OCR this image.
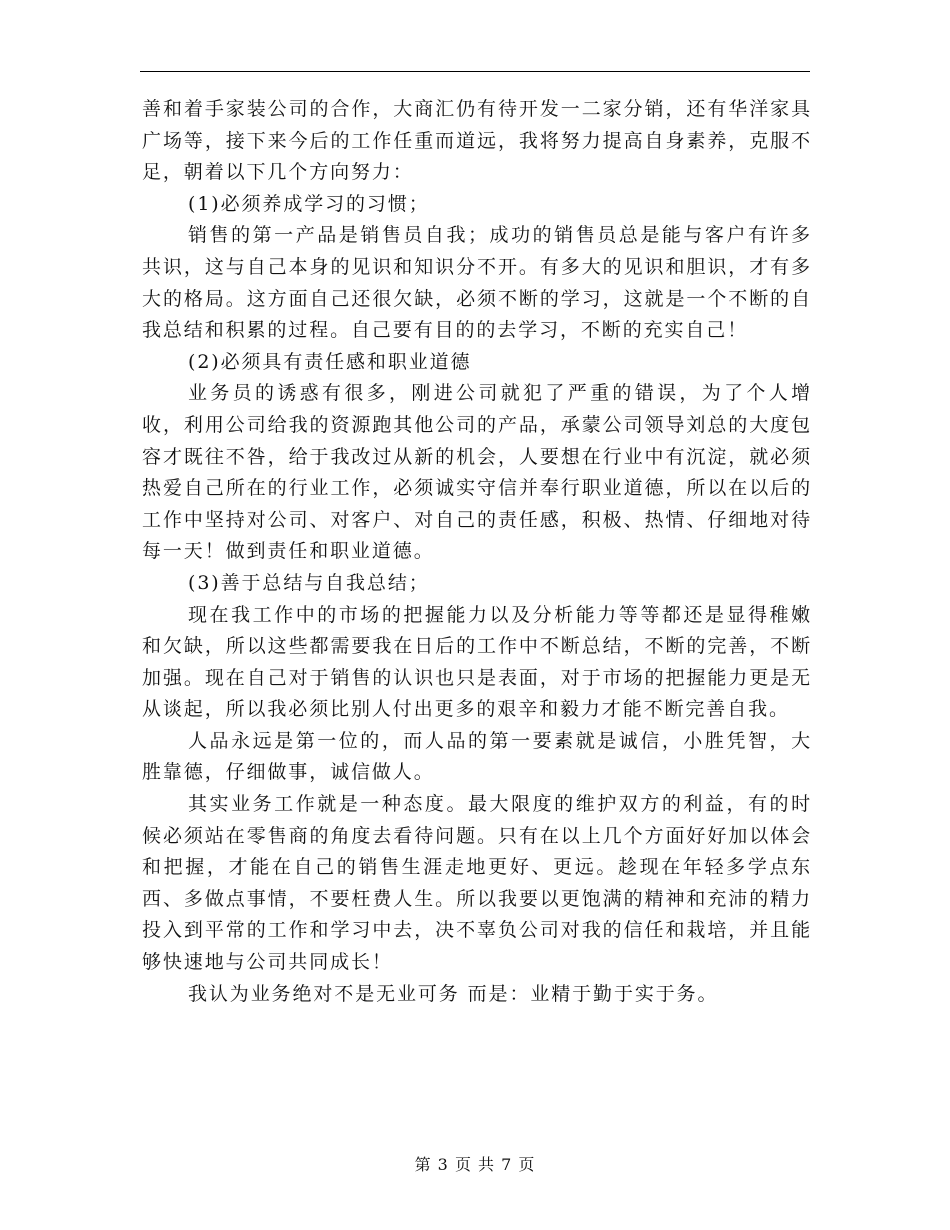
善和着手家装公司的合作，大商汇仍有待开发一二家分销，还有华洋家具广场等，接下来今后的工作任重而道远，我将努力提高自身素养，克服不足，朝着以下几个方向努力：

(1)必须养成学习的习惯；

销售的第一产品是销售员自我；成功的销售员总是能与客户有许多共识，这与自己本身的见识和知识分不开。有多大的见识和胆识，才有多大的格局。这方面自己还很欠缺，必须不断的学习，这就是一个不断的自我总结和积累的过程。自己要有目的的去学习，不断的充实自己！

(2)必须具有责任感和职业道德

业务员的诱惑有很多，刚进公司就犯了严重的错误，为了个人增收，利用公司给我的资源跑其他公司的产品，承蒙公司领导刘总的大度包容才既往不咎，给于我改过从新的机会，人要想在行业中有沉淀，就必须热爱自己所在的行业工作，必须诚实守信并奉行职业道德，所以在以后的工作中坚持对公司、对客户、对自己的责任感，积极、热情、仔细地对待每一天！做到责任和职业道德。

(3)善于总结与自我总结；

现在我工作中的市场的把握能力以及分析能力等等都还是显得稚嫩和欠缺，所以这些都需要我在日后的工作中不断总结，不断的完善，不断加强。现在自己对于销售的认识也只是表面，对于市场的把握能力更是无从谈起，所以我必须比别人付出更多的艰辛和毅力才能不断完善自我。

人品永远是第一位的，而人品的第一要素就是诚信，小胜凭智，大胜靠德，仔细做事，诚信做人。

其实业务工作就是一种态度。最大限度的维护双方的利益，有的时候必须站在零售商的角度去看待问题。只有在以上几个方面好好加以体会和把握，才能在自己的销售生涯走地更好、更远。趁现在年轻多学点东西、多做点事情，不要枉费人生。所以我要以更饱满的精神和充沛的精力投入到平常的工作和学习中去，决不辜负公司对我的信任和栽培，并且能够快速地与公司共同成长！

我认为业务绝对不是无业可务 而是：业精于勤于实于务。

第 3 页 共 7 页
